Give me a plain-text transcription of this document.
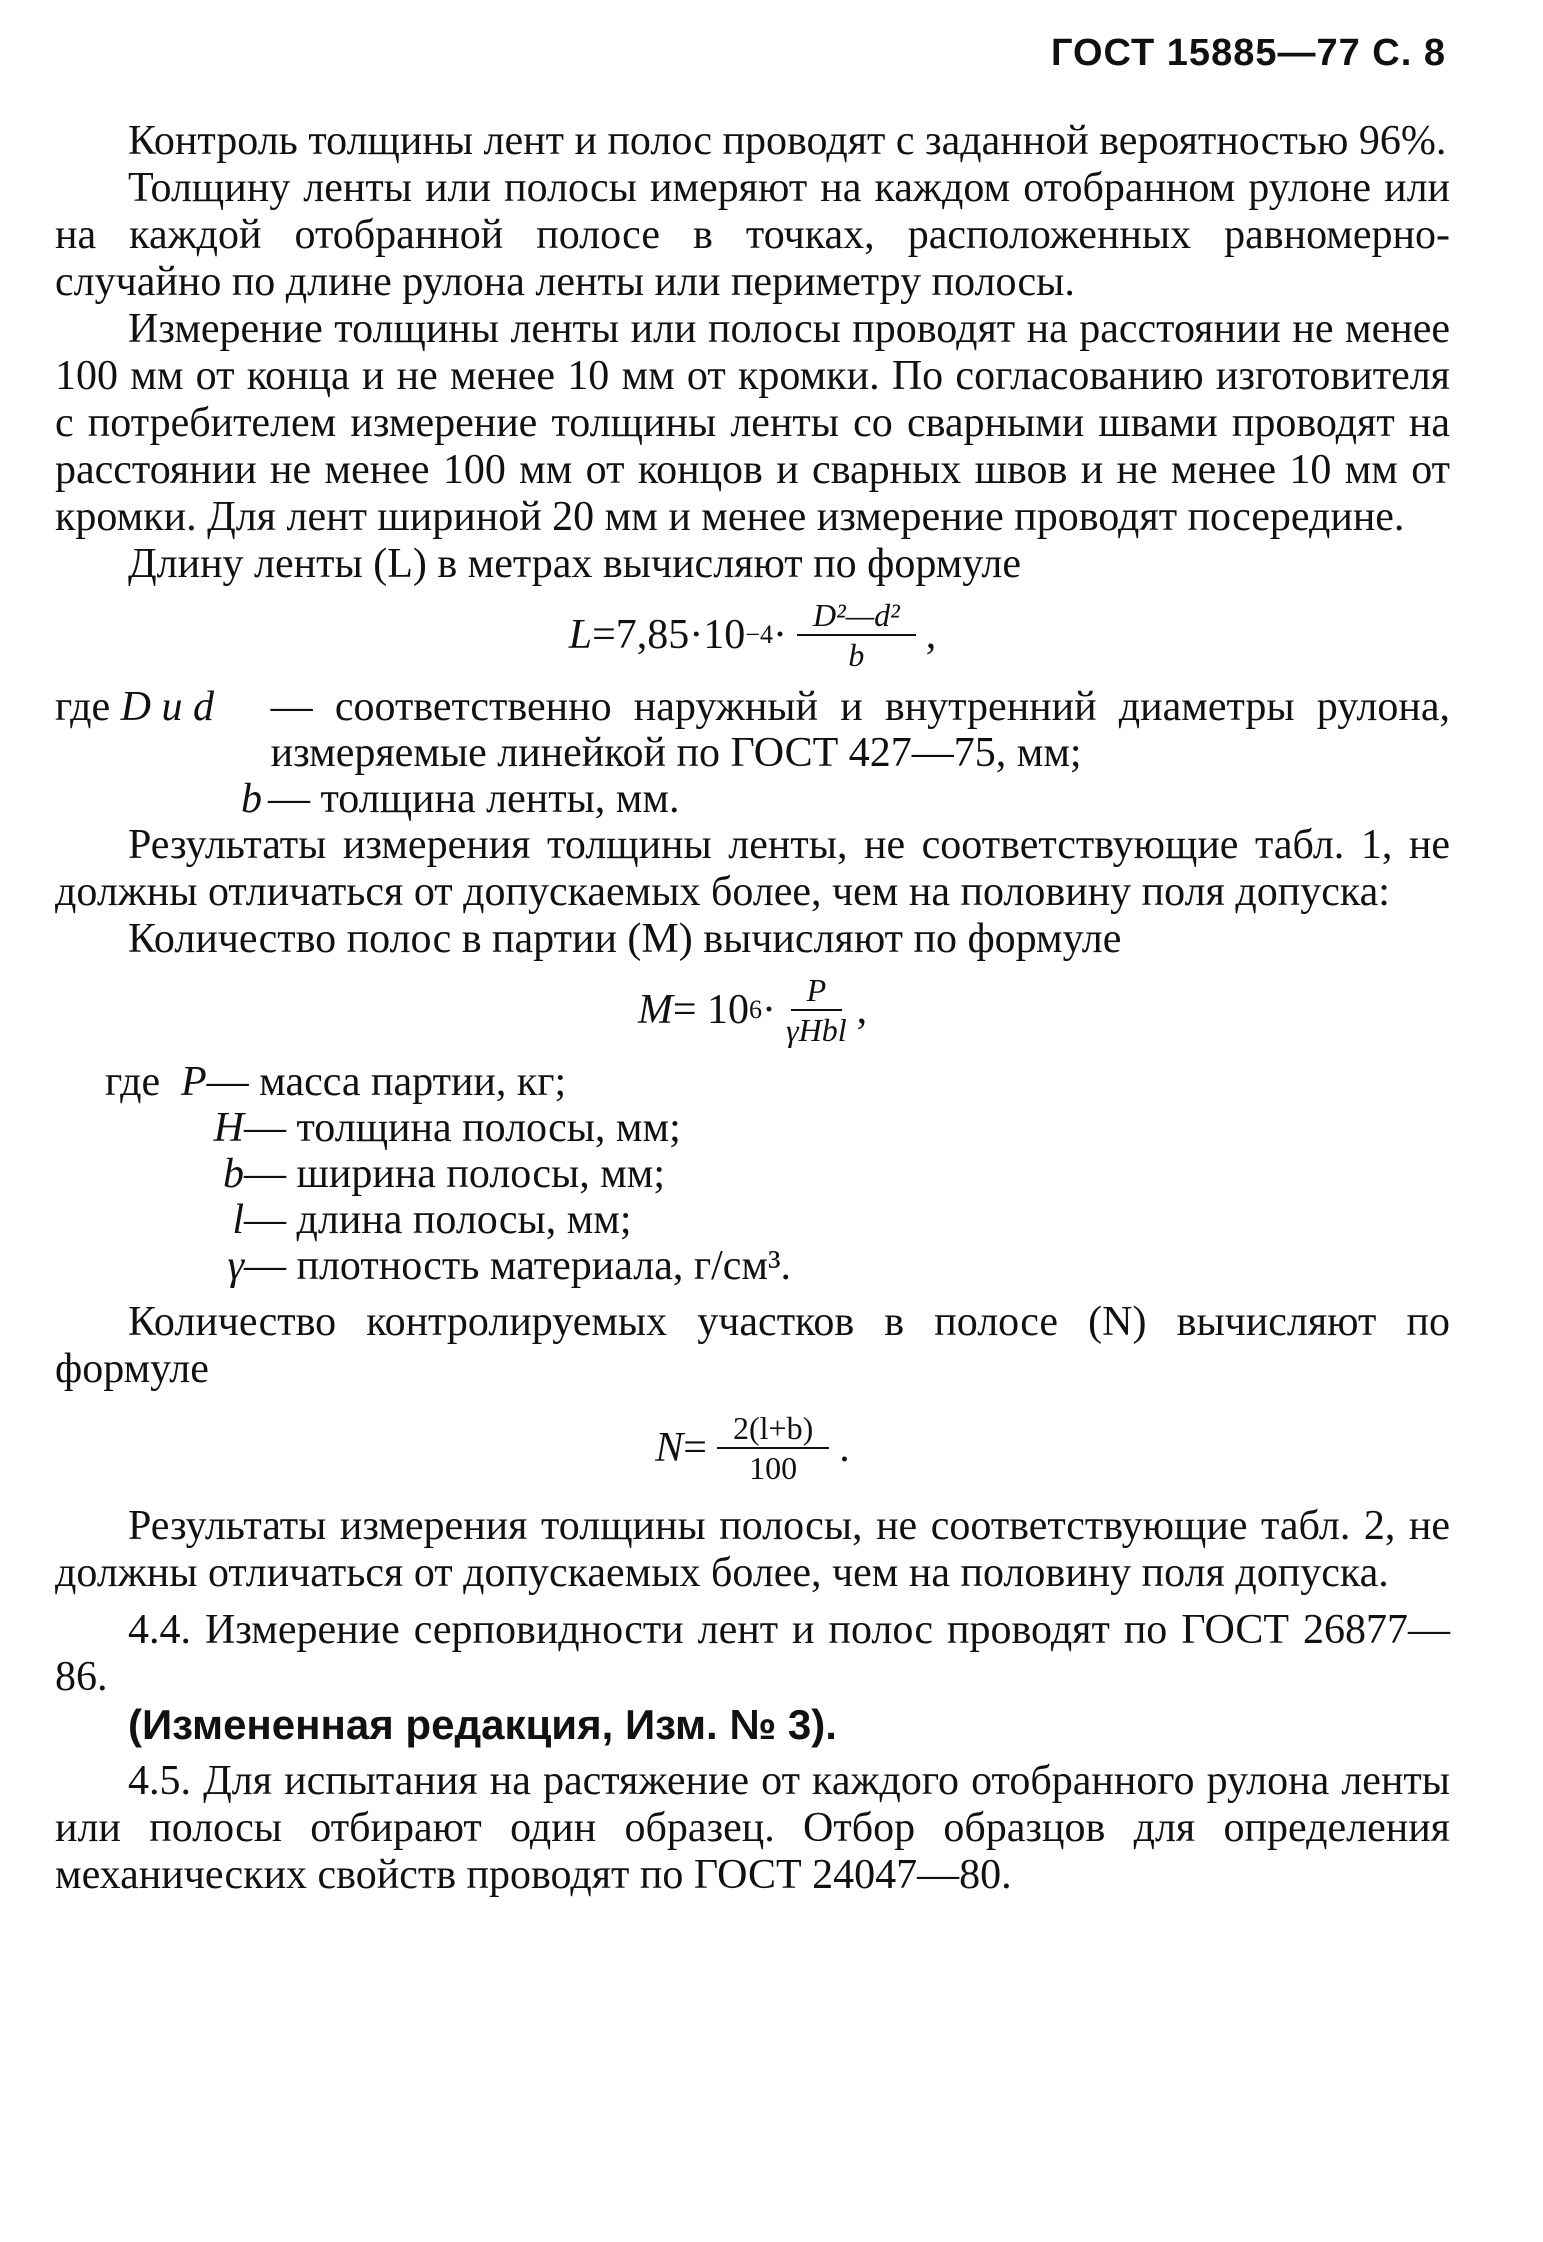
ГОСТ 15885—77 С. 8

Контроль толщины лент и полос проводят с заданной вероятностью 96%.

Толщину ленты или полосы имеряют на каждом отобранном рулоне или на каждой отобранной полосе в точках, расположенных равномерно-случайно по длине рулона ленты или периметру полосы.

Измерение толщины ленты или полосы проводят на расстоянии не менее 100 мм от конца и не менее 10 мм от кромки. По согласованию изготовителя с потребителем измерение толщины ленты со сварными швами проводят на расстоянии не менее 100 мм от концов и сварных швов и не менее 10 мм от кромки. Для лент шириной 20 мм и менее измерение проводят посередине.

Длину ленты (L) в метрах вычисляют по формуле

$L =7,85\cdot 10 -4 \cdot \frac{\text{D²—d²}}{b}$ ,
где D и d	— соответственно наружный и внутренний диаметры рулона, измеряемые линейкой по ГОСТ 427—75, мм;
b — толщина ленты, мм.

Результаты измерения толщины ленты, не соответствующие табл. 1, не должны отличаться от допускаемых более, чем на половину поля допуска:

Количество полос в партии (M) вычисляют по формуле

M = 10 $6 \cdot \frac{P}{\text{γHbl}}$ ,
где P — масса партии, кг;
H — толщина полосы, мм;
b — ширина полосы, мм;
l — длина полосы, мм;
γ — плотность материала, г/см³.

Количество контролируемых участков в полосе (N) вычисляют по формуле

$N = \frac{2(l+b)}{100}$ .

Результаты измерения толщины полосы, не соответствующие табл. 2, не должны отличаться от допускаемых более, чем на половину поля допуска.

4.4. Измерение серповидности лент и полос проводят по ГОСТ 26877—86.

(Измененная редакция, Изм. № 3).

4.5. Для испытания на растяжение от каждого отобранного рулона ленты или полосы отбирают один образец. Отбор образцов для определения механических свойств проводят по ГОСТ 24047—80.
